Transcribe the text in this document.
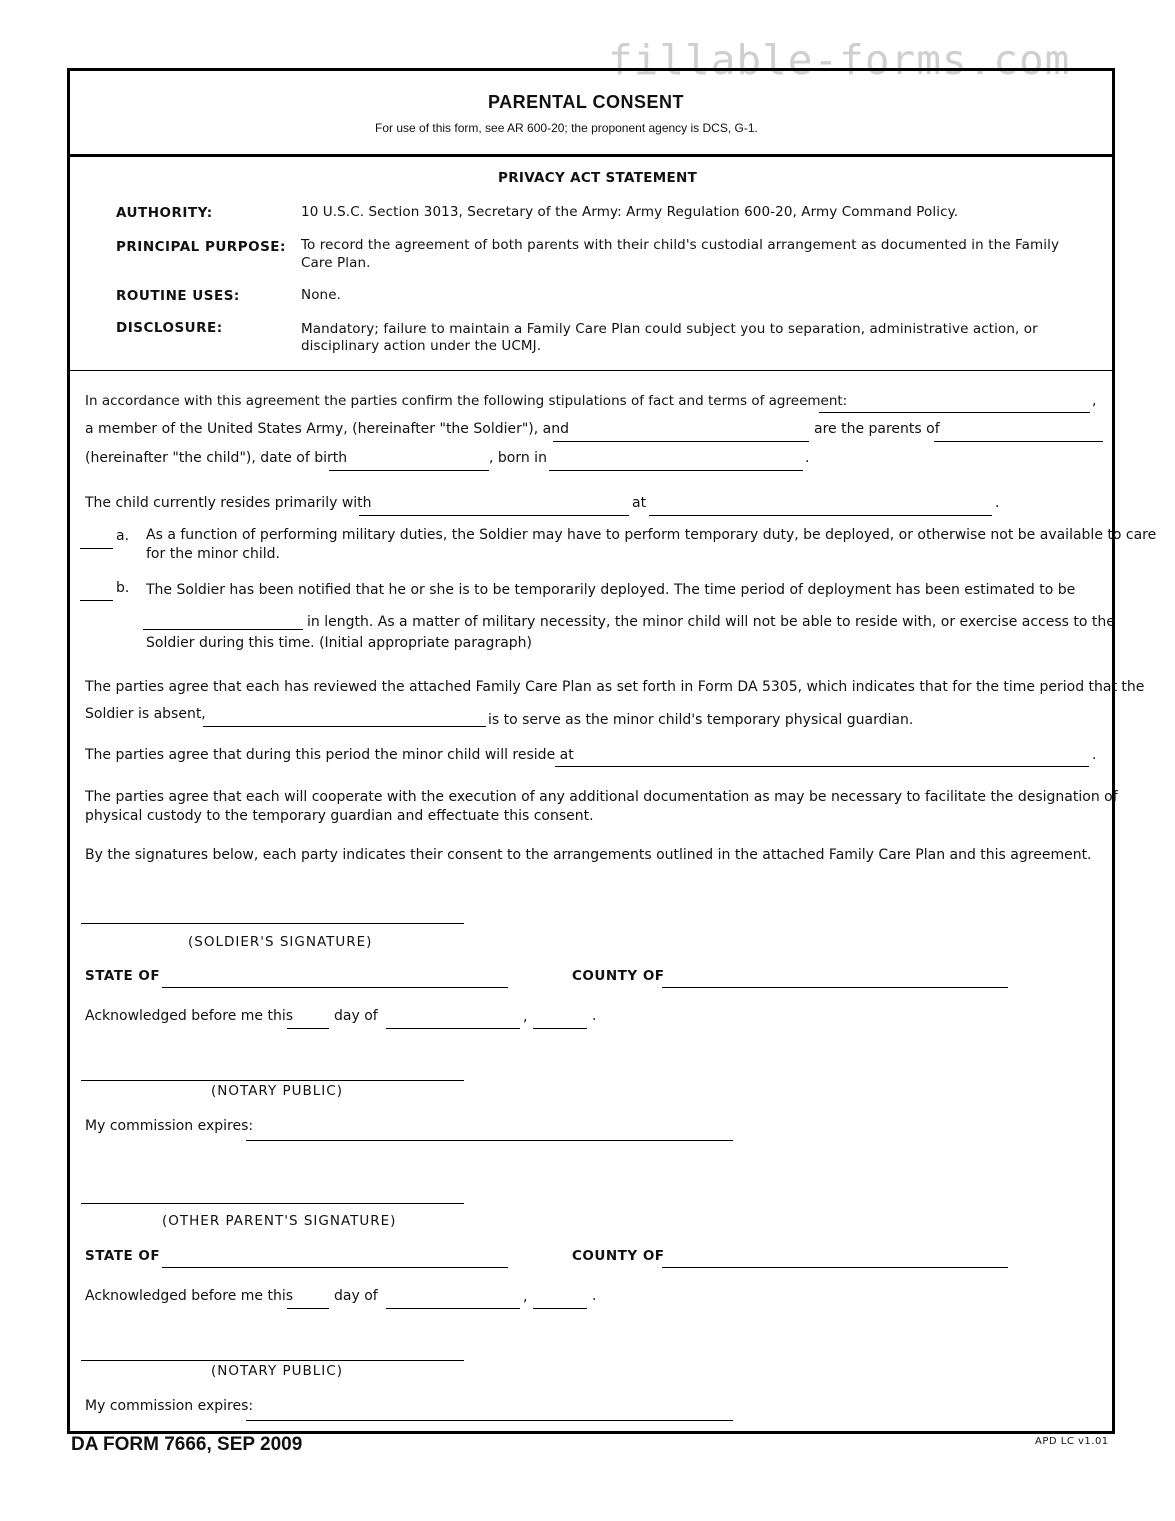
fillable-forms.com
PARENTAL CONSENT
For use of this form, see AR 600-20; the proponent agency is DCS, G-1.
PRIVACY ACT STATEMENT
AUTHORITY:	10 U.S.C. Section 3013, Secretary of the Army: Army Regulation 600-20, Army Command Policy.
PRINCIPAL PURPOSE: To record the agreement of both parents with their child's custodial arrangement as documented in the Family
Care Plan.
ROUTINE USES:	None.
DISCLOSURE:	Mandatory; failure to maintain a Family Care Plan could subject you to separation, administrative action, or
disciplinary action under the UCMJ.
In accordance with this agreement the parties confirm the following stipulations of fact and terms of agreement:	,
a member of the United States Army, (hereinafter "the Soldier"), and	are the parents of
(hereinafter "the child"), date of birth	, born in	.
The child currently resides primarily with	at	.
a. As a function of performing military duties, the Soldier may have to perform temporary duty, be deployed, or otherwise not be available to care
for the minor child.
b. The Soldier has been notified that he or she is to be temporarily deployed. The time period of deployment has been estimated to be
in length. As a matter of military necessity, the minor child will not be able to reside with, or exercise access to the
Soldier during this time. (Initial appropriate paragraph)
The parties agree that each has reviewed the attached Family Care Plan as set forth in Form DA 5305, which indicates that for the time period that the
Soldier is absent,	is to serve as the minor child's temporary physical guardian.
The parties agree that during this period the minor child will reside at	.
The parties agree that each will cooperate with the execution of any additional documentation as may be necessary to facilitate the designation of
physical custody to the temporary guardian and effectuate this consent.
By the signatures below, each party indicates their consent to the arrangements outlined in the attached Family Care Plan and this agreement.
(SOLDIER'S SIGNATURE)
STATE OF	COUNTY OF
Acknowledged before me this	day of	,	.
(NOTARY PUBLIC)
My commission expires:
(OTHER PARENT'S SIGNATURE)
STATE OF	COUNTY OF
Acknowledged before me this	day of	,	.
(NOTARY PUBLIC)
My commission expires:
DA FORM 7666, SEP 2009	APD LC v1.01
